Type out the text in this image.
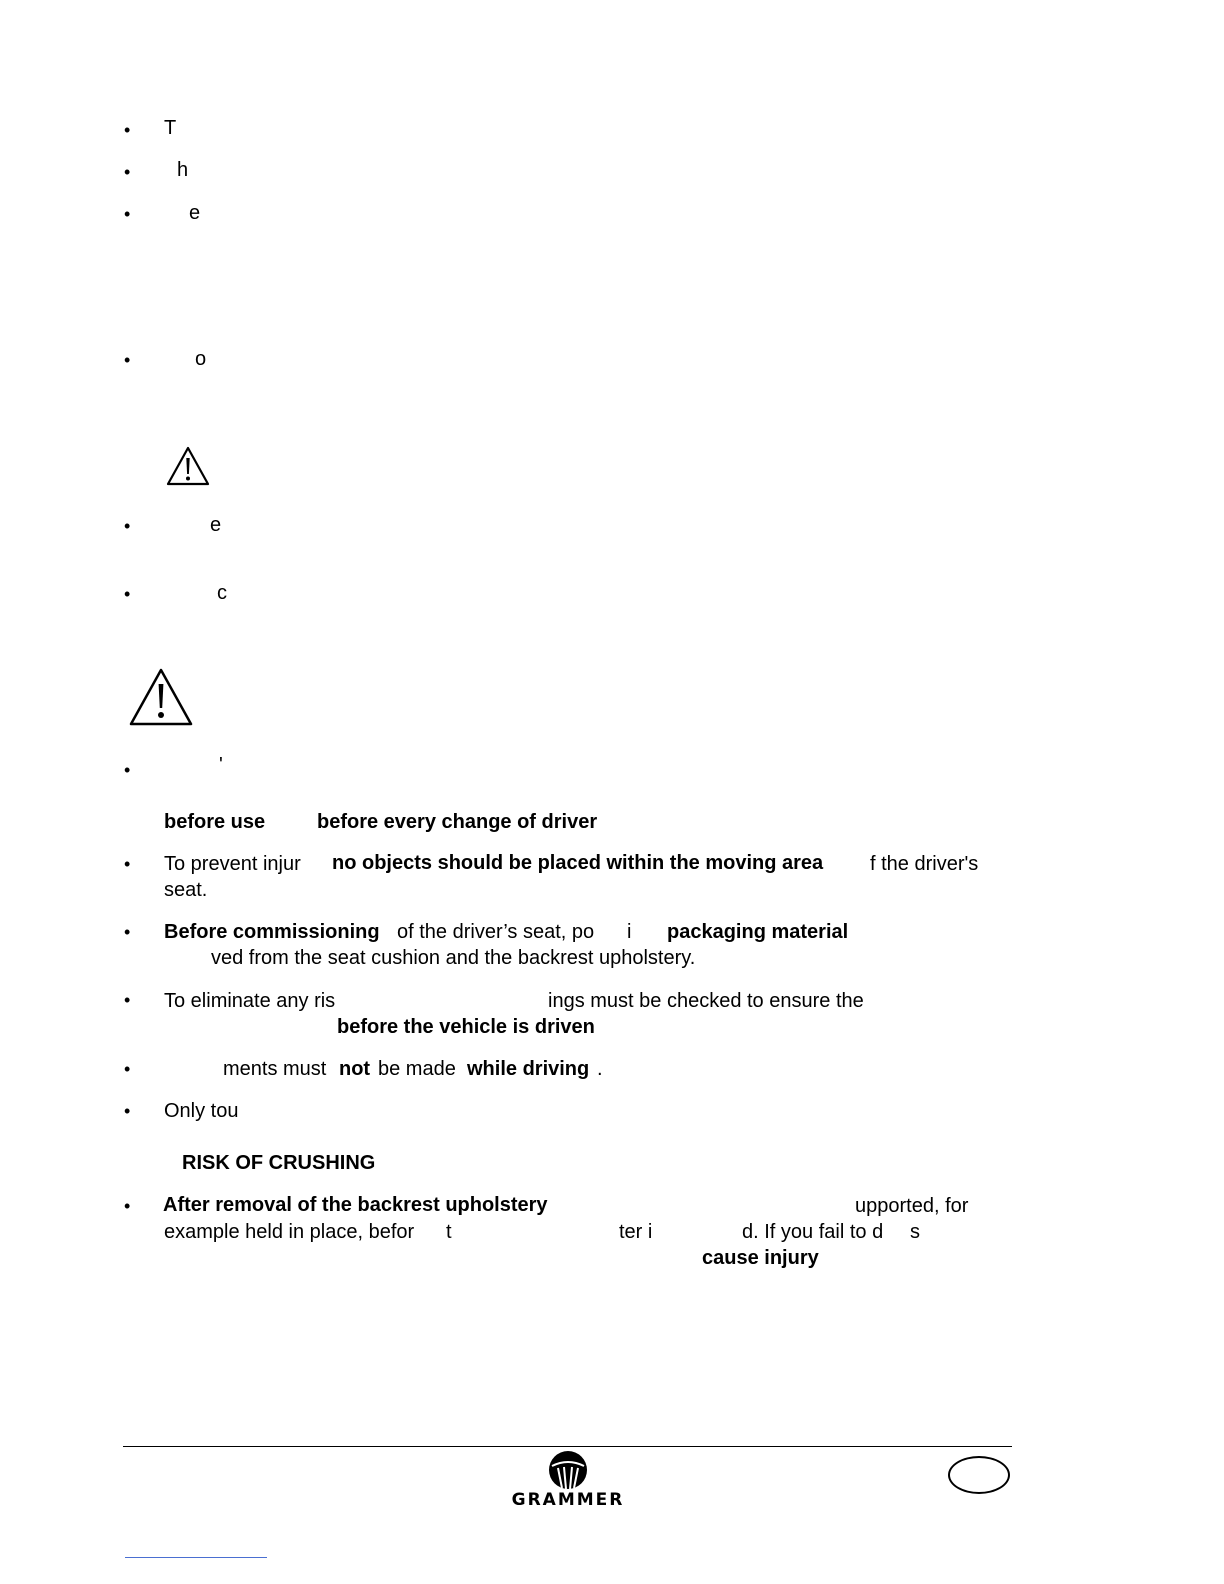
•
•
•
•
•
•
•
•
•
•
•
•
•
T
h
e
o
e
c
'
before use	before every change of driver
To prevent injur no objects should be placed within the moving area f the driver's
seat.
Before commissioning of the driver’s seat, po i packaging material
ved from the seat cushion and the backrest upholstery.
To eliminate any ris	ings must be checked to ensure the
before the vehicle is driven
ments must not be made while driving .
Only tou
RISK OF CRUSHING
After removal of the backrest upholstery	upported, for
example held in place, befor t	ter i	d. If you fail to d s
cause injury
GRAMMER
